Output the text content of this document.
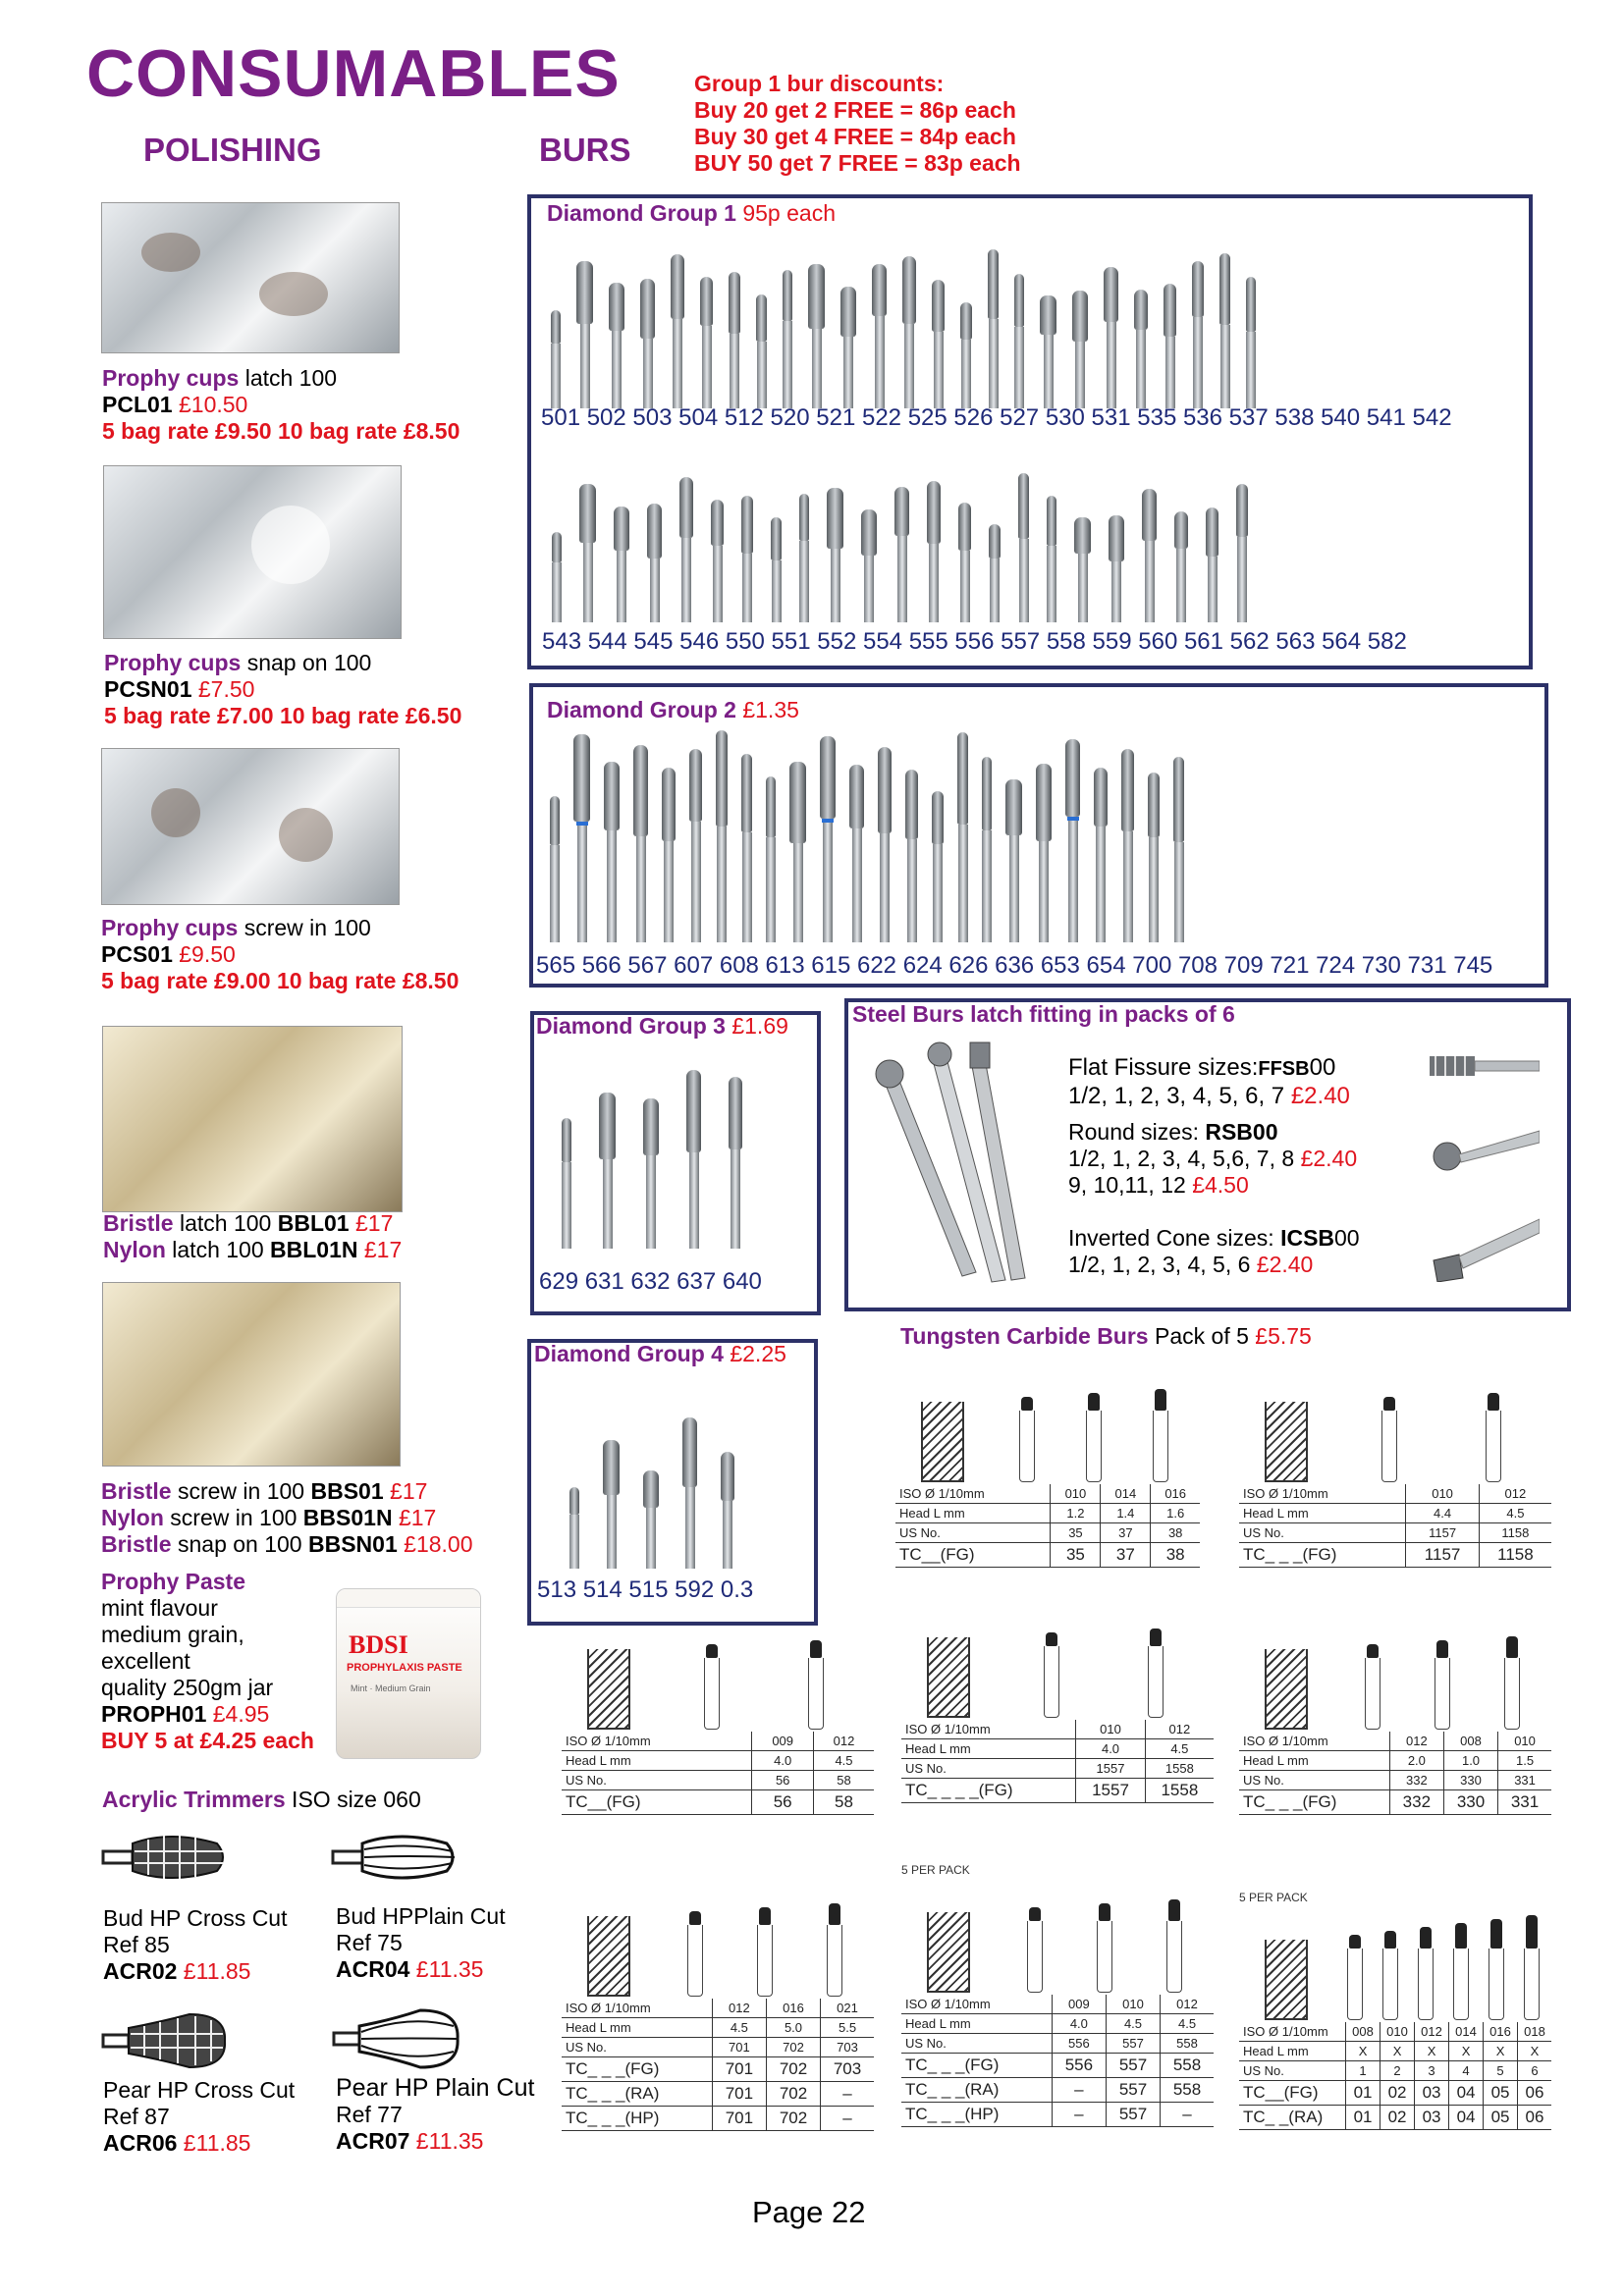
CONSUMABLES
POLISHING	BURS
Group 1 bur discounts:
Buy 20 get 2 FREE = 86p each
Buy 30 get 4 FREE = 84p each
BUY 50 get 7 FREE = 83p each
Prophy cups latch 100
PCL01 £10.50
5 bag rate £9.50 10 bag rate £8.50
Prophy cups snap on 100
PCSN01 £7.50
5 bag rate £7.00 10 bag rate £6.50
Prophy cups screw in 100
PCS01 £9.50
5 bag rate £9.00 10 bag rate £8.50
Bristle latch 100 BBL01 £17
Nylon latch 100 BBL01N £17
Bristle screw in 100 BBS01 £17
Nylon screw in 100 BBS01N £17
Bristle snap on 100 BBSN01 £18.00
Prophy Paste
mint flavour
medium grain,
excellent
quality 250gm jar
PROPH01 £4.95
BUY 5 at £4.25 each
BDSI
PROPHYLAXIS PASTE
Mint · Medium Grain
Acrylic Trimmers ISO size 060
Bud HP Cross Cut
Ref 85
ACR02 £11.85
Bud HPPlain Cut
Ref 75
ACR04 £11.35
Pear HP Cross Cut
Ref 87
ACR06 £11.85
Pear HP Plain Cut
Ref 77
ACR07 £11.35
Diamond Group 1 95p each
501 502 503 504 512 520 521 522 525 526 527 530 531 535 536 537 538 540 541 542
543 544 545 546 550 551 552 554 555 556 557 558 559 560 561 562 563 564 582
Diamond Group 2 £1.35
565 566 567 607 608 613 615 622 624 626 636 653 654 700 708 709 721 724 730 731 745
Diamond Group 3 £1.69
629 631 632 637 640
Diamond Group 4 £2.25
513 514 515 592 0.3
Steel Burs latch fitting in packs of 6
Flat Fissure sizes:FFSB00
1/2, 1, 2, 3, 4, 5, 6, 7 £2.40
Round sizes: RSB00
1/2, 1, 2, 3, 4, 5,6, 7, 8 £2.40
9, 10,11, 12 £4.50
Inverted Cone sizes: ICSB00
1/2, 1, 2, 3, 4, 5, 6 £2.40
Tungsten Carbide Burs Pack of 5 £5.75
ISO Ø 1/10mm	010	014	016
Head L mm	1.2	1.4	1.6
US No.	35	37	38
TC__(FG)	35	37	38
ISO Ø 1/10mm	010	012
Head L mm	4.4	4.5
US No.	1157	1158
TC_ _ _(FG)	1157	1158
ISO Ø 1/10mm	009	012
Head L mm	4.0	4.5
US No.	56	58
TC__(FG)	56	58
ISO Ø 1/10mm	010	012
Head L mm	4.0	4.5
US No.	1557	1558
TC_ _ _ _(FG)	1557	1558
ISO Ø 1/10mm	012	008	010
Head L mm	2.0	1.0	1.5
US No.	332	330	331
TC_ _ _(FG)	332	330	331
ISO Ø 1/10mm	012	016	021
Head L mm	4.5	5.0	5.5
US No.	701	702	703
TC_ _ _(FG)	701	702	703
TC_ _ _(RA)	701	702	–
TC_ _ _(HP)	701	702	–
5 PER PACK
ISO Ø 1/10mm	009	010	012
Head L mm	4.0	4.5	4.5
US No.	556	557	558
TC_ _ _(FG)	556	557	558
TC_ _ _(RA)	–	557	558
TC_ _ _(HP)	–	557	–
5 PER PACK
ISO Ø 1/10mm	008	010	012	014	016	018
Head L mm	X	X	X	X	X	X
US No.	1	2	3	4	5	6
TC__(FG)	01	02	03	04	05	06
TC_ _(RA)	01	02	03	04	05	06
Page 22
